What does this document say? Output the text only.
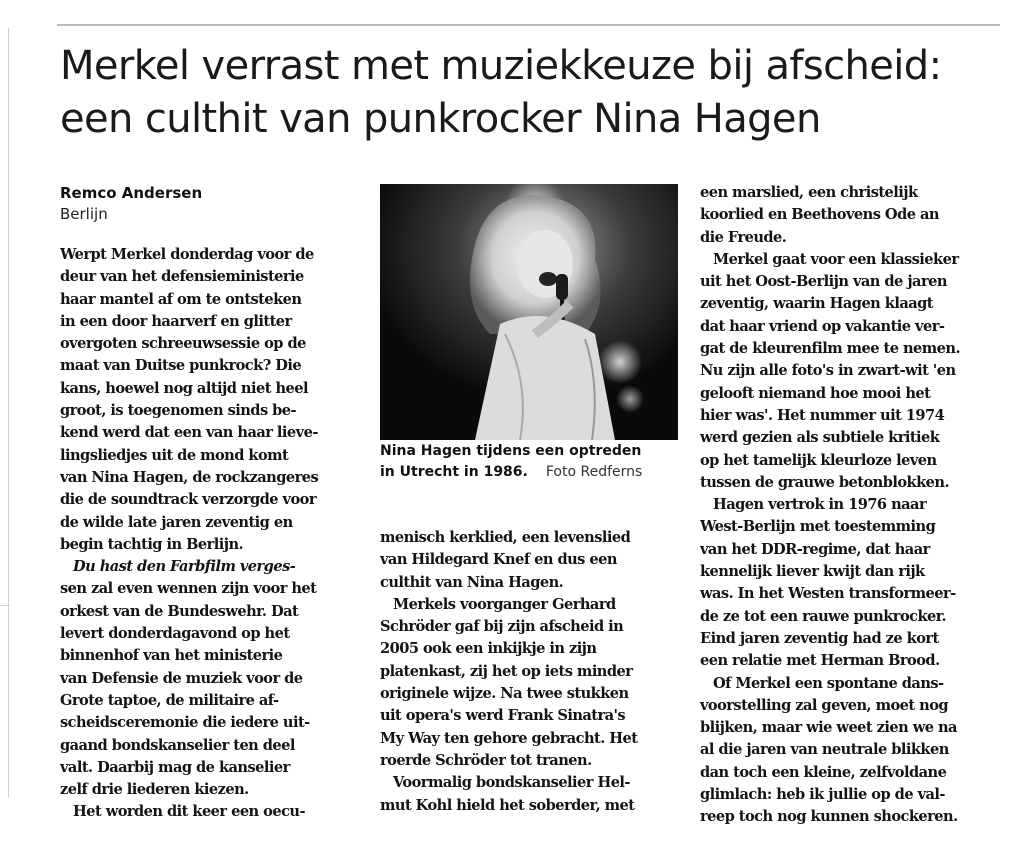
Merkel verrast met muziekkeuze bij afscheid:
een culthit van punkrocker Nina Hagen
Remco Andersen
Berlijn
Werpt Merkel donderdag voor de
deur van het defensieministerie
haar mantel af om te ontsteken
in een door haarverf en glitter
overgoten schreeuwsessie op de
maat van Duitse punkrock? Die
kans, hoewel nog altijd niet heel
groot, is toegenomen sinds be-
kend werd dat een van haar lieve-
lingsliedjes uit de mond komt
van Nina Hagen, de rockzangeres
die de soundtrack verzorgde voor
de wilde late jaren zeventig en
begin tachtig in Berlijn.
Du hast den Farbfilm verges-
sen zal even wennen zijn voor het
orkest van de Bundeswehr. Dat
levert donderdagavond op het
binnenhof van het ministerie
van Defensie de muziek voor de
Grote taptoe, de militaire af-
scheidsceremonie die iedere uit-
gaand bondskanselier ten deel
valt. Daarbij mag de kanselier
zelf drie liederen kiezen.
Het worden dit keer een oecu-
Nina Hagen tijdens een optreden
in Utrecht in 1986. Foto Redferns
menisch kerklied, een levenslied
van Hildegard Knef en dus een
culthit van Nina Hagen.
Merkels voorganger Gerhard
Schröder gaf bij zijn afscheid in
2005 ook een inkijkje in zijn
platenkast, zij het op iets minder
originele wijze. Na twee stukken
uit opera's werd Frank Sinatra's
My Way ten gehore gebracht. Het
roerde Schröder tot tranen.
Voormalig bondskanselier Hel-
mut Kohl hield het soberder, met
een marslied, een christelijk
koorlied en Beethovens Ode an
die Freude.
Merkel gaat voor een klassieker
uit het Oost-Berlijn van de jaren
zeventig, waarin Hagen klaagt
dat haar vriend op vakantie ver-
gat de kleurenfilm mee te nemen.
Nu zijn alle foto's in zwart-wit 'en
gelooft niemand hoe mooi het
hier was'. Het nummer uit 1974
werd gezien als subtiele kritiek
op het tamelijk kleurloze leven
tussen de grauwe betonblokken.
Hagen vertrok in 1976 naar
West-Berlijn met toestemming
van het DDR-regime, dat haar
kennelijk liever kwijt dan rijk
was. In het Westen transformeer-
de ze tot een rauwe punkrocker.
Eind jaren zeventig had ze kort
een relatie met Herman Brood.
Of Merkel een spontane dans-
voorstelling zal geven, moet nog
blijken, maar wie weet zien we na
al die jaren van neutrale blikken
dan toch een kleine, zelfvoldane
glimlach: heb ik jullie op de val-
reep toch nog kunnen shockeren.
